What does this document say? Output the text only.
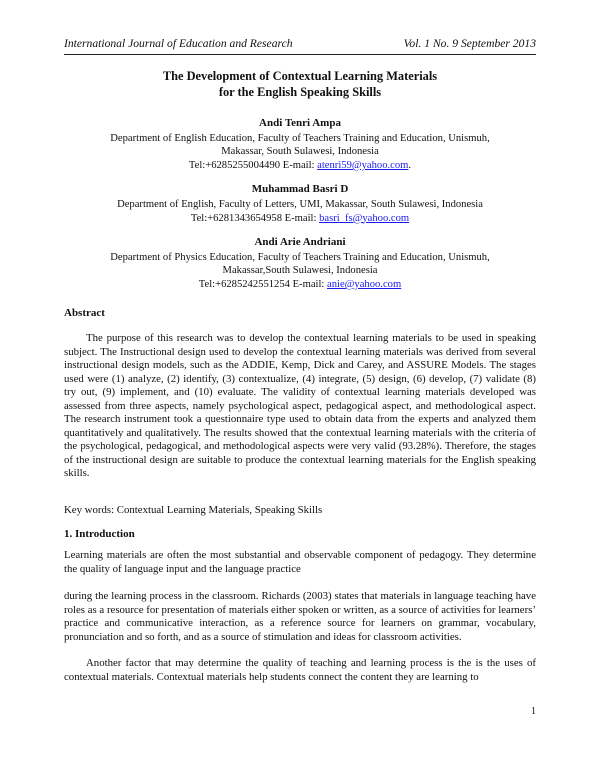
International Journal of Education and Research	Vol. 1 No. 9 September 2013
The Development of Contextual Learning Materials
for the English Speaking Skills
Andi Tenri Ampa
Department of English Education, Faculty of Teachers Training and Education, Unismuh,
Makassar, South Sulawesi, Indonesia
Tel:+6285255004490 E-mail: atenri59@yahoo.com.
Muhammad Basri D
Department of English, Faculty of Letters, UMI, Makassar, South Sulawesi, Indonesia
Tel:+6281343654958 E-mail: basri_fs@yahoo.com
Andi Arie Andriani
Department of Physics Education, Faculty of Teachers Training and Education, Unismuh,
Makassar,South Sulawesi, Indonesia
Tel:+6285242551254 E-mail: anie@yahoo.com
Abstract
The purpose of this research was to develop the contextual learning materials to be used in speaking subject. The Instructional design used to develop the contextual learning materials was derived from several instructional design models, such as the ADDIE, Kemp, Dick and Carey, and ASSURE Models. The stages used were (1) analyze, (2) identify, (3) contextualize, (4) integrate, (5) design, (6) develop, (7) validate (8) try out, (9) implement, and (10) evaluate. The validity of contextual learning materials developed was assessed from three aspects, namely psychological aspect, pedagogical aspect, and methodological aspect. The research instrument took a questionnaire type used to obtain data from the experts and analyzed them quantitatively and qualitatively. The results showed that the contextual learning materials with the criteria of the psychological, pedagogical, and methodological aspects were very valid (93.28%). Therefore, the stages of the instructional design are suitable to produce the contextual learning materials for the English speaking skills.
Key words: Contextual Learning Materials, Speaking Skills
1. Introduction
Learning materials are often the most substantial and observable component of pedagogy. They determine the quality of language input and the language practice
during the learning process in the classroom. Richards (2003) states that materials in language teaching have roles as a resource for presentation of materials either spoken or written, as a source of activities for learners’ practice and communicative interaction, as a reference source for learners on grammar, vocabulary, pronunciation and so forth, and as a source of stimulation and ideas for classroom activities.
Another factor that may determine the quality of teaching and learning process is the is the uses of contextual materials. Contextual materials help students connect the content they are learning to
1
